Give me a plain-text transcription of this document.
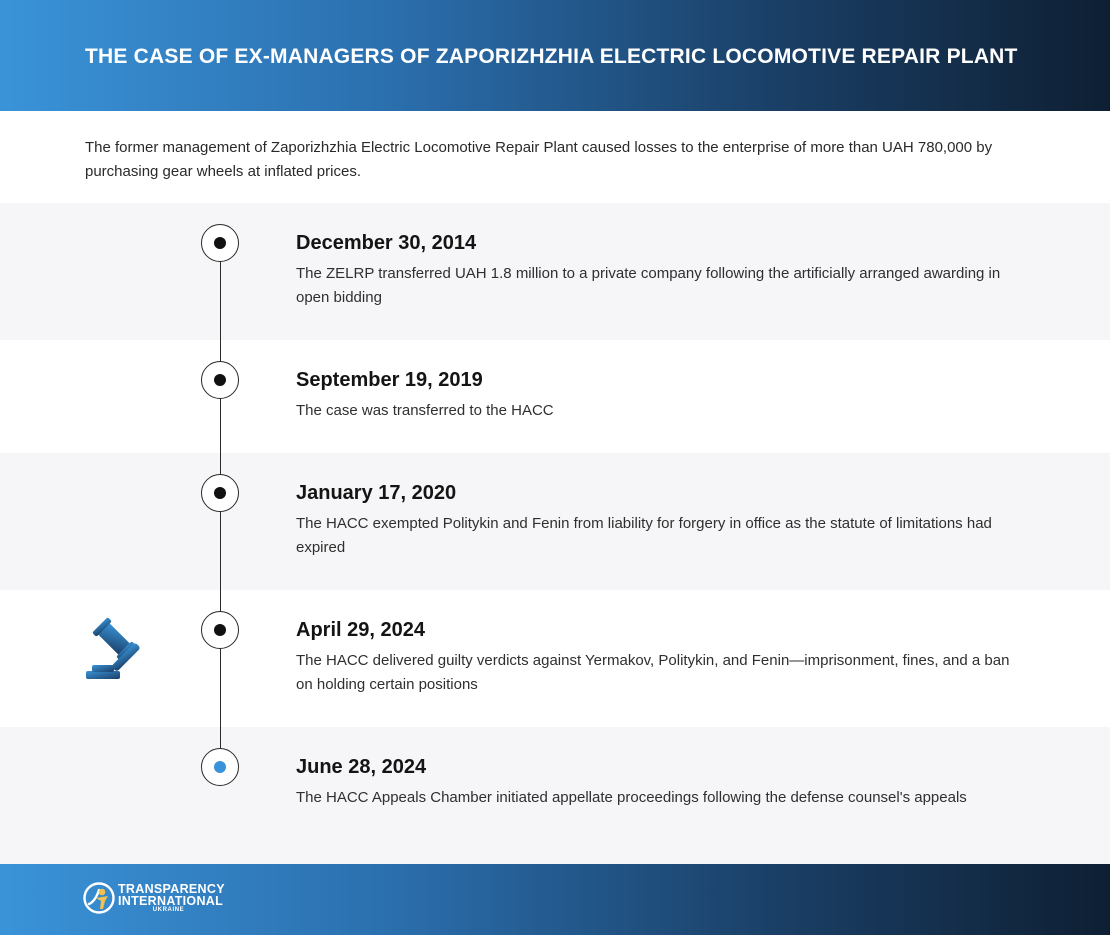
THE CASE OF EX-MANAGERS OF ZAPORIZHZHIA ELECTRIC LOCOMOTIVE REPAIR PLANT

The former management of Zaporizhzhia Electric Locomotive Repair Plant caused losses to the enterprise of more than UAH 780,000 by purchasing gear wheels at inflated prices.

December 30, 2014

The ZELRP transferred UAH 1.8 million to a private company following the artificially arranged awarding in open bidding

September 19, 2019

The case was transferred to the HACC

January 17, 2020

The HACC exempted Politykin and Fenin from liability for forgery in office as the statute of limitations had expired

April 29, 2024

The HACC delivered guilty verdicts against Yermakov, Politykin, and Fenin—imprisonment, fines, and a ban on holding certain positions

June 28, 2024

The HACC Appeals Chamber initiated appellate proceedings following the defense counsel's appeals

TRANSPARENCY

INTERNATIONAL

UKRAINE
